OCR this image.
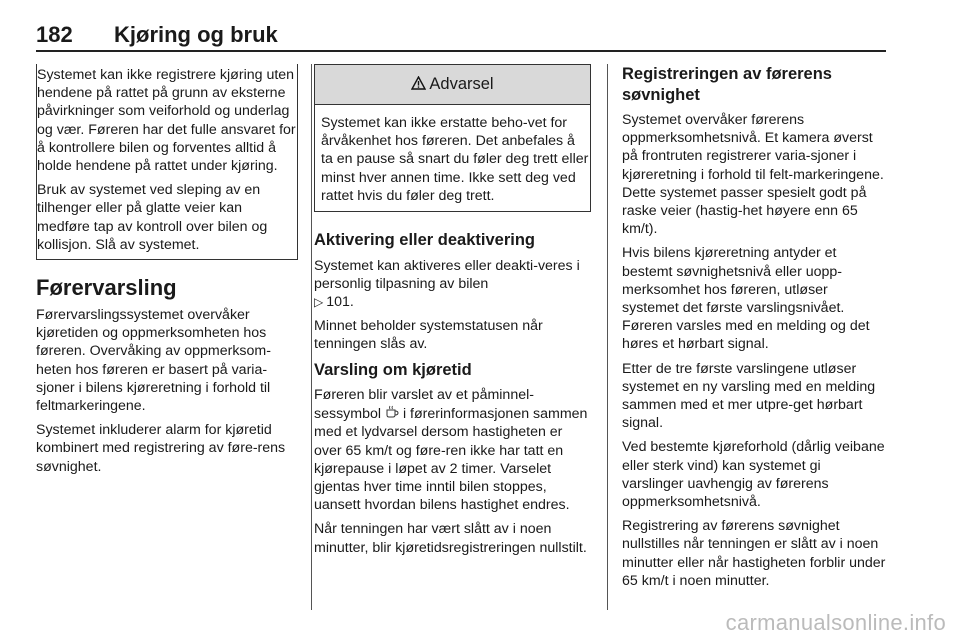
182 Kjøring og bruk

Systemet kan ikke registrere kjøring uten hendene på rattet på grunn av eksterne påvirkninger som veiforhold og underlag og vær. Føreren har det fulle ansvaret for å kontrollere bilen og forventes alltid å holde hendene på rattet under kjøring.

Bruk av systemet ved sleping av en tilhenger eller på glatte veier kan medføre tap av kontroll over bilen og kollisjon. Slå av systemet.

Førervarsling

Førervarslingssystemet overvåker kjøretiden og oppmerksomheten hos føreren. Overvåking av oppmerksom-heten hos føreren er basert på varia-sjoner i bilens kjøreretning i forhold til feltmarkeringene.

Systemet inkluderer alarm for kjøretid kombinert med registrering av føre-rens søvnighet.

Advarsel

Systemet kan ikke erstatte beho-vet for årvåkenhet hos føreren. Det anbefales å ta en pause så snart du føler deg trett eller minst hver annen time. Ikke sett deg ved rattet hvis du føler deg trett.

Aktivering eller deaktivering

Systemet kan aktiveres eller deakti-veres i personlig tilpasning av bilen
▷ 101.

Minnet beholder systemstatusen når tenningen slås av.

Varsling om kjøretid

Føreren blir varslet av et påminnel-sessymbol i førerinformasjonen sammen med et lydvarsel dersom hastigheten er over 65 km/t og føre-ren ikke har tatt en kjørepause i løpet av 2 timer. Varselet gjentas hver time inntil bilen stoppes, uansett hvordan bilens hastighet endres.

Når tenningen har vært slått av i noen minutter, blir kjøretidsregistreringen nullstilt.

Registreringen av førerens søvnighet

Systemet overvåker førerens oppmerksomhetsnivå. Et kamera øverst på frontruten registrerer varia-sjoner i kjøreretning i forhold til felt-markeringene. Dette systemet passer spesielt godt på raske veier (hastig-het høyere enn 65 km/t).

Hvis bilens kjøreretning antyder et bestemt søvnighetsnivå eller uopp-merksomhet hos føreren, utløser systemet det første varslingsnivået. Føreren varsles med en melding og det høres et hørbart signal.

Etter de tre første varslingene utløser systemet en ny varsling med en melding sammen med et mer utpre-get hørbart signal.

Ved bestemte kjøreforhold (dårlig veibane eller sterk vind) kan systemet gi varslinger uavhengig av førerens oppmerksomhetsnivå.

Registrering av førerens søvnighet nullstilles når tenningen er slått av i noen minutter eller når hastigheten forblir under 65 km/t i noen minutter.

carmanualsonline.info
